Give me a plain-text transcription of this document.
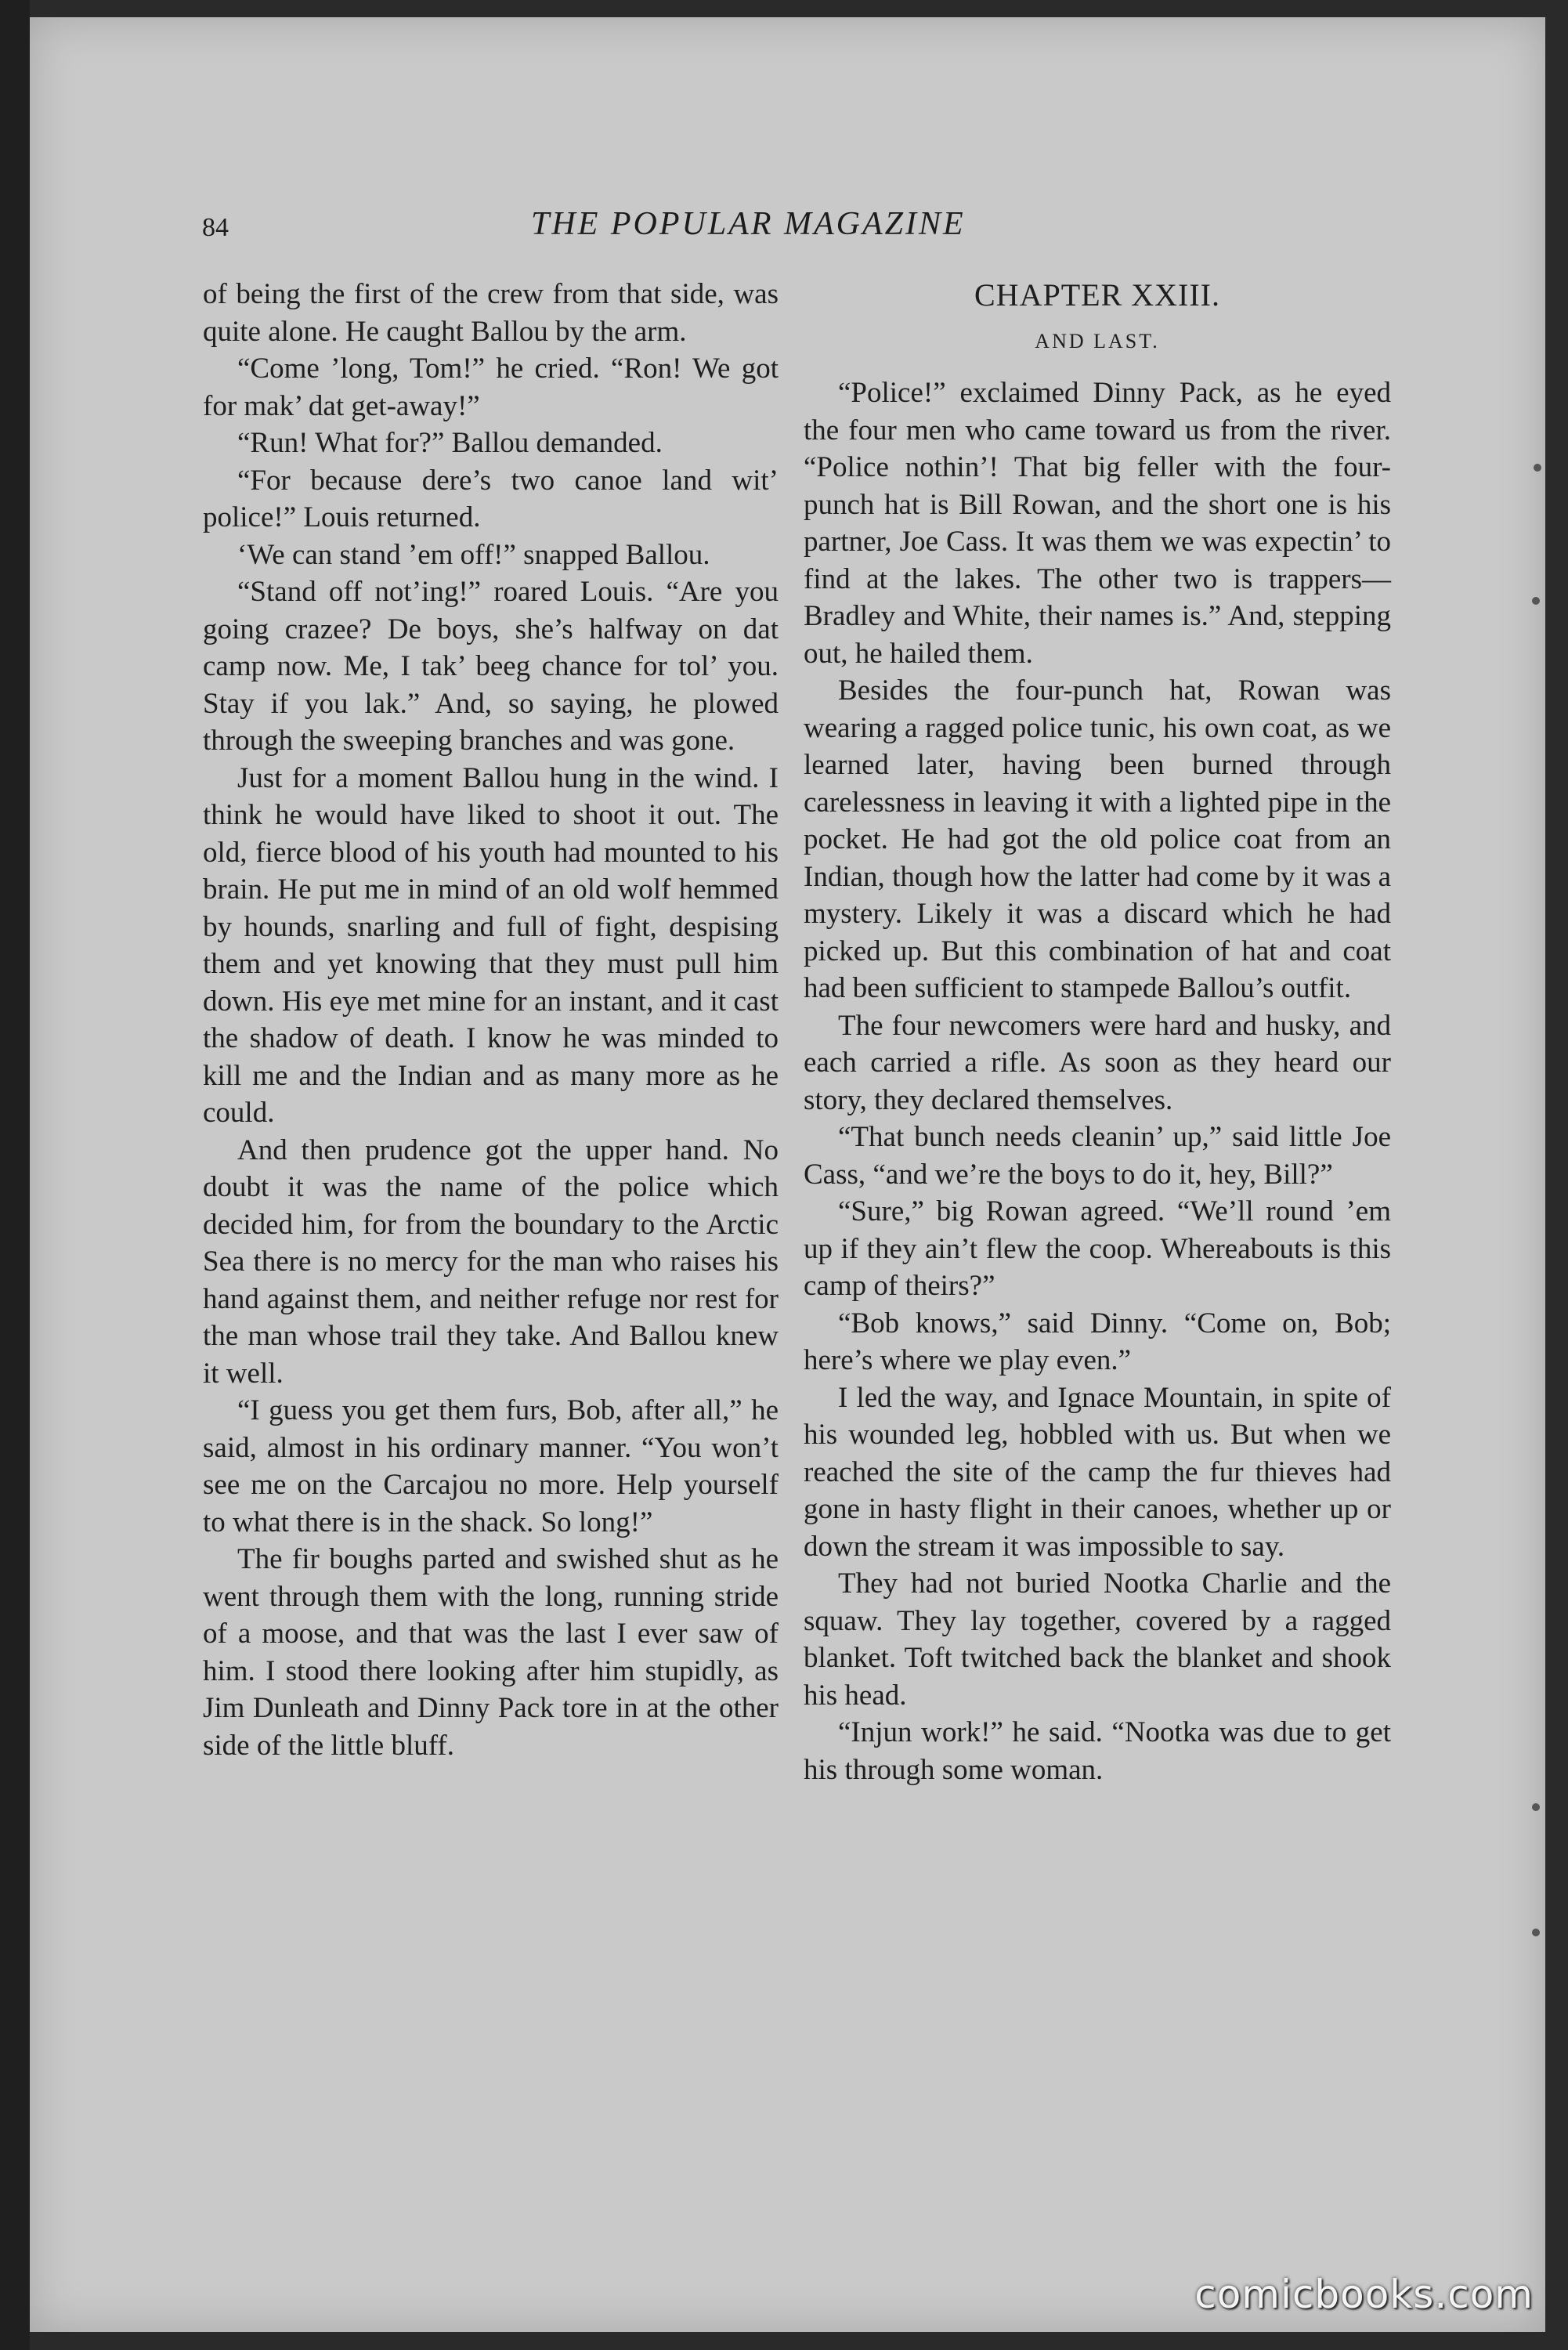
84	THE POPULAR MAGAZINE

of being the first of the crew from that side, was quite alone. He caught Ballou by the arm.

“Come ’long, Tom!” he cried. “Ron! We got for mak’ dat get-away!”

“Run! What for?” Ballou demanded.

“For because dere’s two canoe land wit’ police!” Louis returned.

‘We can stand ’em off!” snapped Ballou.

“Stand off not’ing!” roared Louis. “Are you going crazee? De boys, she’s halfway on dat camp now. Me, I tak’ beeg chance for tol’ you. Stay if you lak.” And, so saying, he plowed through the sweeping branches and was gone.

Just for a moment Ballou hung in the wind. I think he would have liked to shoot it out. The old, fierce blood of his youth had mounted to his brain. He put me in mind of an old wolf hemmed by hounds, snarling and full of fight, despising them and yet knowing that they must pull him down. His eye met mine for an instant, and it cast the shadow of death. I know he was minded to kill me and the Indian and as many more as he could.

And then prudence got the upper hand. No doubt it was the name of the police which decided him, for from the boundary to the Arctic Sea there is no mercy for the man who raises his hand against them, and neither refuge nor rest for the man whose trail they take. And Ballou knew it well.

“I guess you get them furs, Bob, after all,” he said, almost in his ordinary manner. “You won’t see me on the Carcajou no more. Help yourself to what there is in the shack. So long!”

The fir boughs parted and swished shut as he went through them with the long, running stride of a moose, and that was the last I ever saw of him. I stood there looking after him stupidly, as Jim Dunleath and Dinny Pack tore in at the other side of the little bluff.

CHAPTER XXIII.
AND LAST.

“Police!” exclaimed Dinny Pack, as he eyed the four men who came toward us from the river. “Police nothin’! That big feller with the four-punch hat is Bill Rowan, and the short one is his partner, Joe Cass. It was them we was expectin’ to find at the lakes. The other two is trappers—Bradley and White, their names is.” And, stepping out, he hailed them.

Besides the four-punch hat, Rowan was wearing a ragged police tunic, his own coat, as we learned later, having been burned through carelessness in leaving it with a lighted pipe in the pocket. He had got the old police coat from an Indian, though how the latter had come by it was a mystery. Likely it was a discard which he had picked up. But this combination of hat and coat had been sufficient to stampede Ballou’s outfit.

The four newcomers were hard and husky, and each carried a rifle. As soon as they heard our story, they declared themselves.

“That bunch needs cleanin’ up,” said little Joe Cass, “and we’re the boys to do it, hey, Bill?”

“Sure,” big Rowan agreed. “We’ll round ’em up if they ain’t flew the coop. Whereabouts is this camp of theirs?”

“Bob knows,” said Dinny. “Come on, Bob; here’s where we play even.”

I led the way, and Ignace Mountain, in spite of his wounded leg, hobbled with us. But when we reached the site of the camp the fur thieves had gone in hasty flight in their canoes, whether up or down the stream it was impossible to say.

They had not buried Nootka Charlie and the squaw. They lay together, covered by a ragged blanket. Toft twitched back the blanket and shook his head.

“Injun work!” he said. “Nootka was due to get his through some woman.

comicbooks.com
